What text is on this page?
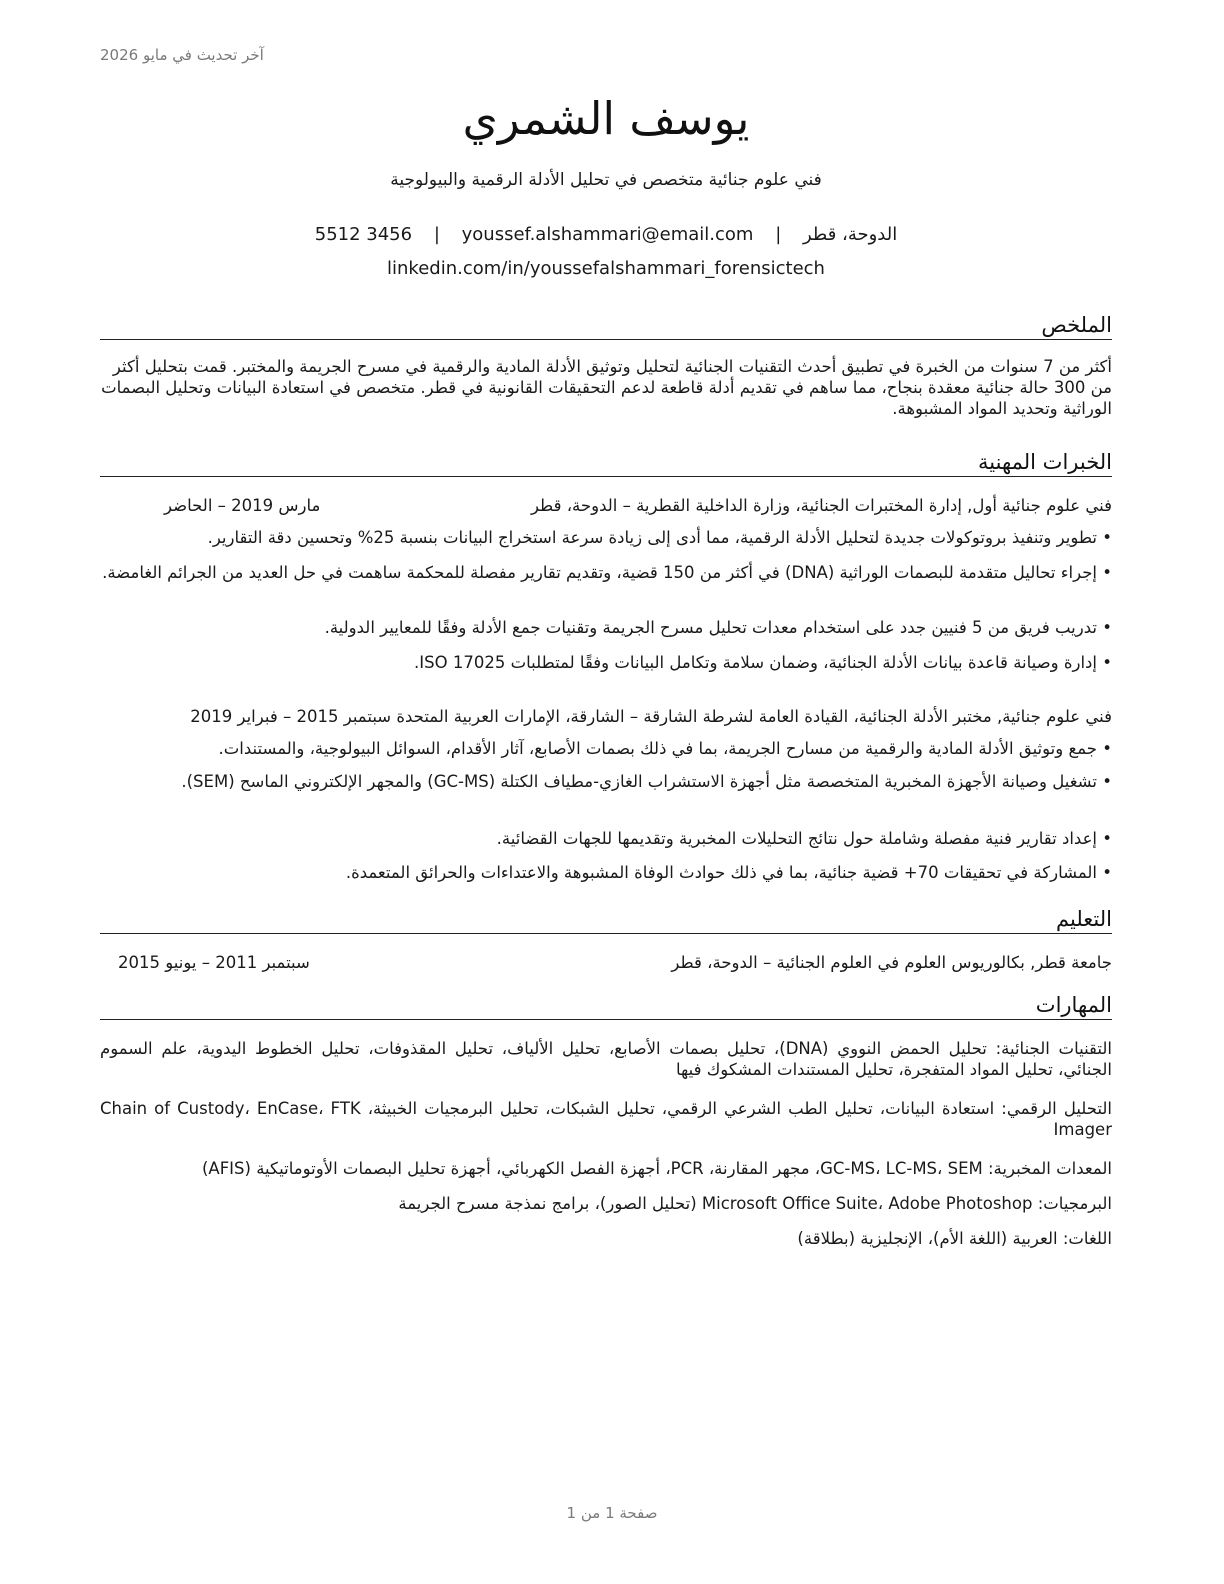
آخر تحديث في مايو 2026
يوسف الشمري
فني علوم جنائية متخصص في تحليل الأدلة الرقمية والبيولوجية
الدوحة، قطر | youssef.alshammari@email.com | 5512 3456
linkedin.com/in/youssefalshammari_forensictech
الملخص
أكثر من 7 سنوات من الخبرة في تطبيق أحدث التقنيات الجنائية لتحليل وتوثيق الأدلة المادية والرقمية في مسرح الجريمة والمختبر. قمت بتحليل أكثر من 300 حالة جنائية معقدة بنجاح، مما ساهم في تقديم أدلة قاطعة لدعم التحقيقات القانونية في قطر. متخصص في استعادة البيانات وتحليل البصمات الوراثية وتحديد المواد المشبوهة.
الخبرات المهنية
فني علوم جنائية أول, إدارة المختبرات الجنائية، وزارة الداخلية القطرية – الدوحة، قطر
مارس 2019 – الحاضر
•
تطوير وتنفيذ بروتوكولات جديدة لتحليل الأدلة الرقمية، مما أدى إلى زيادة سرعة استخراج البيانات بنسبة 25% وتحسين دقة التقارير.
•
إجراء تحاليل متقدمة للبصمات الوراثية (DNA) في أكثر من 150 قضية، وتقديم تقارير مفصلة للمحكمة ساهمت في حل العديد من الجرائم الغامضة.
•
تدريب فريق من 5 فنيين جدد على استخدام معدات تحليل مسرح الجريمة وتقنيات جمع الأدلة وفقًا للمعايير الدولية.
•
إدارة وصيانة قاعدة بيانات الأدلة الجنائية، وضمان سلامة وتكامل البيانات وفقًا لمتطلبات ISO 17025.
فني علوم جنائية, مختبر الأدلة الجنائية، القيادة العامة لشرطة الشارقة – الشارقة، الإمارات العربية المتحدة سبتمبر 2015 – فبراير 2019
•
جمع وتوثيق الأدلة المادية والرقمية من مسارح الجريمة، بما في ذلك بصمات الأصابع، آثار الأقدام، السوائل البيولوجية، والمستندات.
•
تشغيل وصيانة الأجهزة المخبرية المتخصصة مثل أجهزة الاستشراب الغازي-مطياف الكتلة (GC-MS) والمجهر الإلكتروني الماسح (SEM).
•
إعداد تقارير فنية مفصلة وشاملة حول نتائج التحليلات المخبرية وتقديمها للجهات القضائية.
•
المشاركة في تحقيقات 70+ قضية جنائية، بما في ذلك حوادث الوفاة المشبوهة والاعتداءات والحرائق المتعمدة.
التعليم
جامعة قطر, بكالوريوس العلوم في العلوم الجنائية – الدوحة، قطر
سبتمبر 2011 – يونيو 2015
المهارات
التقنيات الجنائية: تحليل الحمض النووي (DNA)، تحليل بصمات الأصابع، تحليل الألياف، تحليل المقذوفات، تحليل الخطوط اليدوية، علم السموم الجنائي، تحليل المواد المتفجرة، تحليل المستندات المشكوك فيها
التحليل الرقمي: استعادة البيانات، تحليل الطب الشرعي الرقمي، تحليل الشبكات، تحليل البرمجيات الخبيثة، Chain of Custody، EnCase، FTK Imager
المعدات المخبرية: GC-MS، LC-MS، SEM، مجهر المقارنة، PCR، أجهزة الفصل الكهربائي، أجهزة تحليل البصمات الأوتوماتيكية (AFIS)
البرمجيات: Microsoft Office Suite، Adobe Photoshop (تحليل الصور)، برامج نمذجة مسرح الجريمة
اللغات: العربية (اللغة الأم)، الإنجليزية (بطلاقة)
صفحة 1 من 1
